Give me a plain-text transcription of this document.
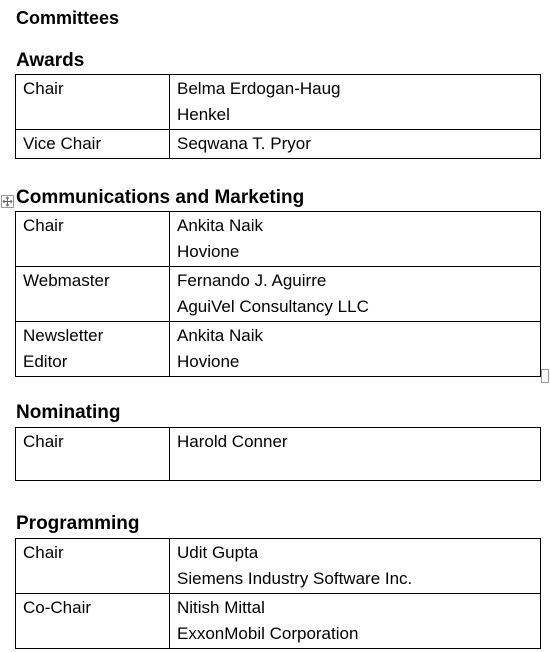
Committees
Awards
Chair	Belma Erdogan-Haug
Henkel

Vice Chair	Seqwana T. Pryor
Communications and Marketing
Chair	Ankita Naik
Hovione

Webmaster	Fernando J. Aguirre
AguiVel Consultancy LLC

Newsletter
Editor	Ankita Naik
Hovione
Nominating
Chair	Harold Conner
Programming
Chair	Udit Gupta
Siemens Industry Software Inc.

Co-Chair	Nitish Mittal
ExxonMobil Corporation
